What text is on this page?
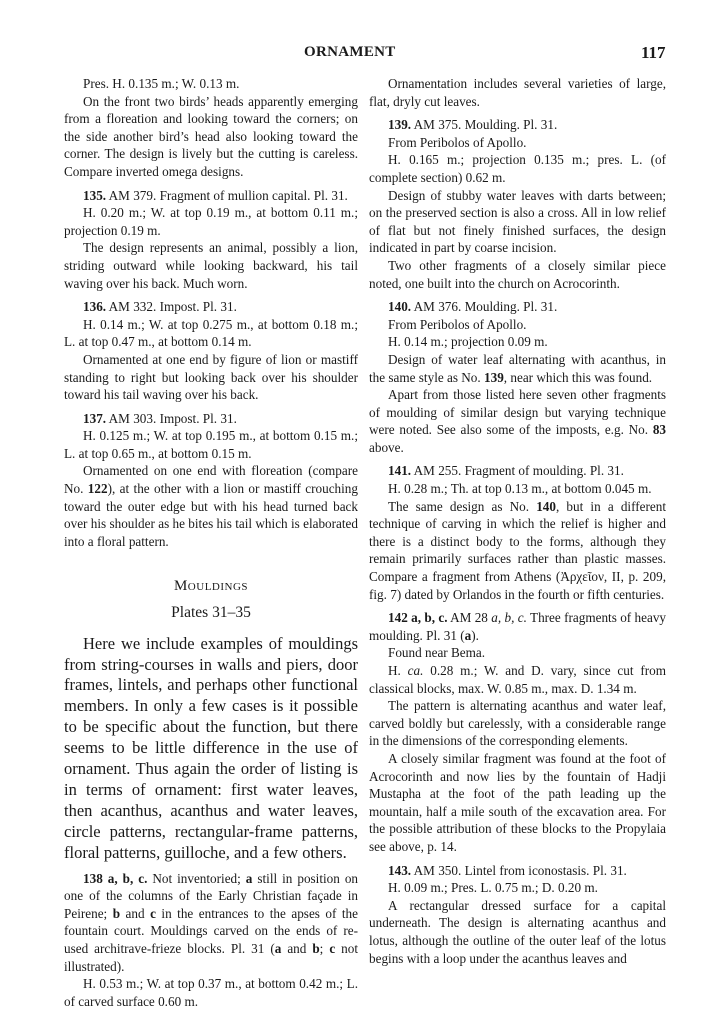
ORNAMENT	117

Pres. H. 0.135 m.; W. 0.13 m.

On the front two birds’ heads apparently emerging from a floreation and looking toward the corners; on the side another bird’s head also looking toward the corner. The design is lively but the cutting is careless. Compare inverted omega designs.

135. AM 379. Fragment of mullion capital. Pl. 31.

H. 0.20 m.; W. at top 0.19 m., at bottom 0.11 m.; projection 0.19 m.

The design represents an animal, possibly a lion, striding outward while looking backward, his tail waving over his back. Much worn.

136. AM 332. Impost. Pl. 31.

H. 0.14 m.; W. at top 0.275 m., at bottom 0.18 m.; L. at top 0.47 m., at bottom 0.14 m.

Ornamented at one end by figure of lion or mastiff standing to right but looking back over his shoulder toward his tail waving over his back.

137. AM 303. Impost. Pl. 31.

H. 0.125 m.; W. at top 0.195 m., at bottom 0.15 m.; L. at top 0.65 m., at bottom 0.15 m.

Ornamented on one end with floreation (compare No. 122), at the other with a lion or mastiff crouching toward the outer edge but with his head turned back over his shoulder as he bites his tail which is elaborated into a floral pattern.

Mouldings
Plates 31–35

Here we include examples of mouldings from string-courses in walls and piers, door frames, lintels, and perhaps other functional members. In only a few cases is it possible to be specific about the function, but there seems to be little difference in the use of ornament. Thus again the order of listing is in terms of ornament: first water leaves, then acanthus, acanthus and water leaves, circle patterns, rectangular-frame patterns, floral patterns, guilloche, and a few others.

138 a, b, c. Not inventoried; a still in position on one of the columns of the Early Christian façade in Peirene; b and c in the entrances to the apses of the fountain court. Mouldings carved on the ends of re-used architrave-frieze blocks. Pl. 31 (a and b; c not illustrated).

H. 0.53 m.; W. at top 0.37 m., at bottom 0.42 m.; L. of carved surface 0.60 m.

Ornamentation includes several varieties of large, flat, dryly cut leaves.

139. AM 375. Moulding. Pl. 31.

From Peribolos of Apollo.

H. 0.165 m.; projection 0.135 m.; pres. L. (of complete section) 0.62 m.

Design of stubby water leaves with darts between; on the preserved section is also a cross. All in low relief of flat but not finely finished surfaces, the design indicated in part by coarse incision.

Two other fragments of a closely similar piece noted, one built into the church on Acrocorinth.

140. AM 376. Moulding. Pl. 31.

From Peribolos of Apollo.

H. 0.14 m.; projection 0.09 m.

Design of water leaf alternating with acanthus, in the same style as No. 139, near which this was found.

Apart from those listed here seven other fragments of moulding of similar design but varying technique were noted. See also some of the imposts, e.g. No. 83 above.

141. AM 255. Fragment of moulding. Pl. 31.

H. 0.28 m.; Th. at top 0.13 m., at bottom 0.045 m.

The same design as No. 140, but in a different technique of carving in which the relief is higher and there is a distinct body to the forms, although they remain primarily surfaces rather than plastic masses. Compare a fragment from Athens (Ἀρχεῖον, II, p. 209, fig. 7) dated by Orlandos in the fourth or fifth centuries.

142 a, b, c. AM 28 a, b, c. Three fragments of heavy moulding. Pl. 31 (a).

Found near Bema.

H. ca. 0.28 m.; W. and D. vary, since cut from classical blocks, max. W. 0.85 m., max. D. 1.34 m.

The pattern is alternating acanthus and water leaf, carved boldly but carelessly, with a considerable range in the dimensions of the corresponding elements.

A closely similar fragment was found at the foot of Acrocorinth and now lies by the fountain of Hadji Mustapha at the foot of the path leading up the mountain, half a mile south of the excavation area. For the possible attribution of these blocks to the Propylaia see above, p. 14.

143. AM 350. Lintel from iconostasis. Pl. 31.

H. 0.09 m.; Pres. L. 0.75 m.; D. 0.20 m.

A rectangular dressed surface for a capital underneath. The design is alternating acanthus and lotus, although the outline of the outer leaf of the lotus begins with a loop under the acanthus leaves and
